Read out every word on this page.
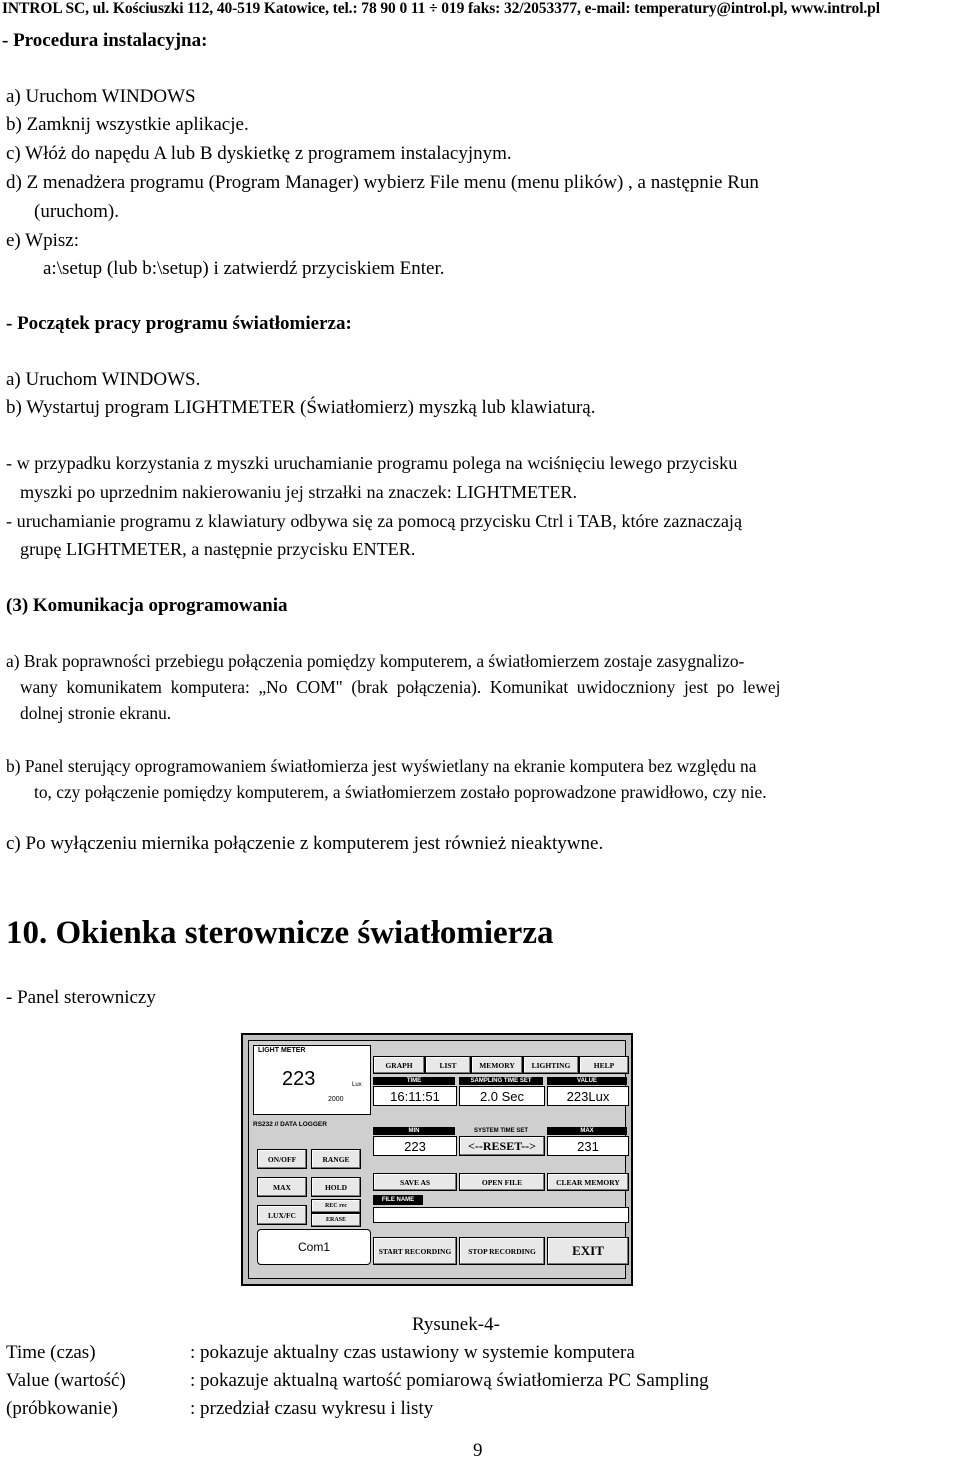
INTROL SC, ul. Kościuszki 112, 40-519 Katowice, tel.: 78 90 0 11 ÷ 019 faks: 32/2053377, e-mail: temperatury@introl.pl, www.introl.pl
- Procedura instalacyjna:
a) Uruchom WINDOWS
b) Zamknij wszystkie aplikacje.
c) Włóż do napędu A lub B dyskietkę z programem instalacyjnym.
d) Z menadżera programu (Program Manager) wybierz File menu (menu plików) , a następnie Run
(uruchom).
e) Wpisz:
a:\setup (lub b:\setup) i zatwierdź przyciskiem Enter.
- Początek pracy programu światłomierza:
a) Uruchom WINDOWS.
b) Wystartuj program LIGHTMETER (Światłomierz) myszką lub klawiaturą.
- w przypadku korzystania z myszki uruchamianie programu polega na wciśnięciu lewego przycisku
myszki po uprzednim nakierowaniu jej strzałki na znaczek: LIGHTMETER.
- uruchamianie programu z klawiatury odbywa się za pomocą przycisku Ctrl i TAB, które zaznaczają
grupę LIGHTMETER, a następnie przycisku ENTER.
(3) Komunikacja oprogramowania
a) Brak poprawności przebiegu połączenia pomiędzy komputerem, a światłomierzem zostaje zasygnalizo-
wany komunikatem komputera: „No COM" (brak połączenia). Komunikat uwidoczniony jest po lewej
dolnej stronie ekranu.
b) Panel sterujący oprogramowaniem światłomierza jest wyświetlany na ekranie komputera bez względu na
to, czy połączenie pomiędzy komputerem, a światłomierzem zostało poprowadzone prawidłowo, czy nie.
c) Po wyłączeniu miernika połączenie z komputerem jest również nieaktywne.
10. Okienka sterownicze światłomierza
- Panel sterowniczy
LIGHT METER
223	Lux
2000
RS232 // DATA LOGGER
GRAPH	LIST	MEMORY	LIGHTING	HELP
TIME
16:11:51
SAMPLING TIME SET
2.0 Sec
VALUE
223Lux
MIN
223
SYSTEM TIME SET
<--RESET-->
MAX
231
ON/OFF	RANGE
MAX	HOLD
LUX/FC
REC rec
ERASE
Com1
SAVE AS	OPEN FILE	CLEAR MEMORY
FILE NAME
START RECORDING	STOP RECORDING	EXIT
Rysunek-4-
Time (czas)	: pokazuje aktualny czas ustawiony w systemie komputera
Value (wartość)	: pokazuje aktualną wartość pomiarową światłomierza PC Sampling
(próbkowanie)	: przedział czasu wykresu i listy
9
